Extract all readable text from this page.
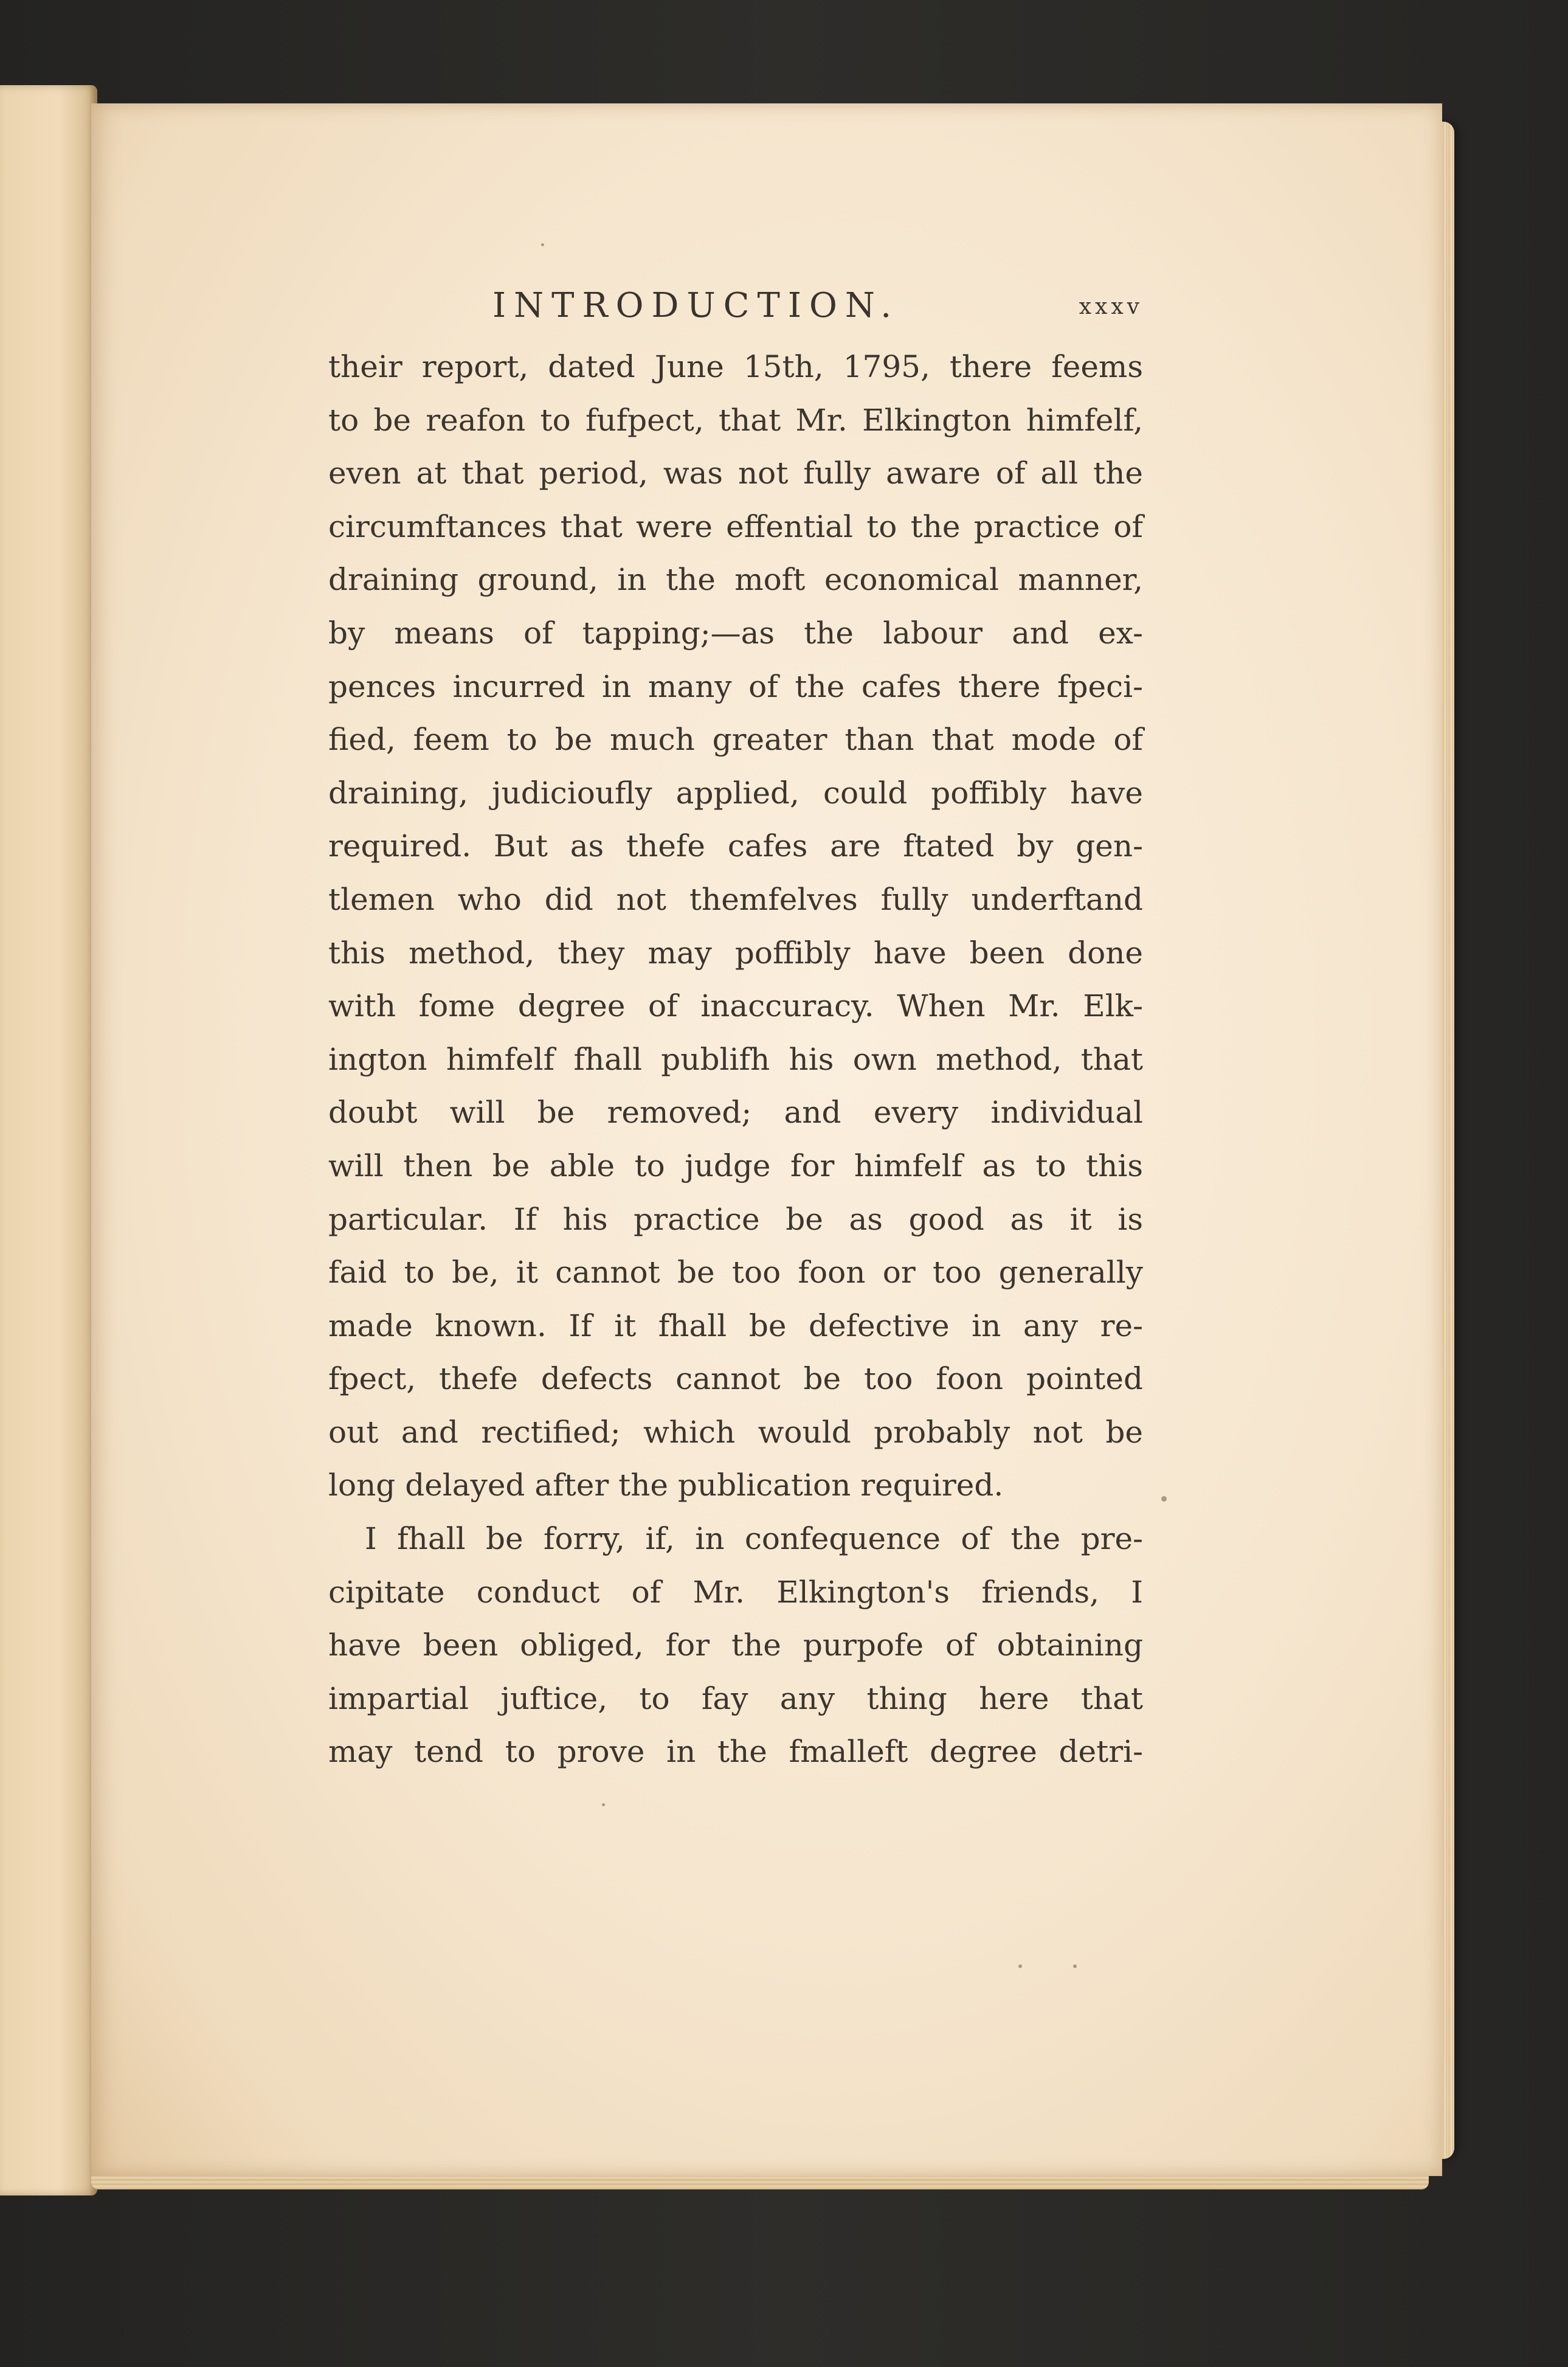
INTRODUCTION.	xxxv
their report, dated June 15th, 1795, there feems
to be reafon to fufpect, that Mr. Elkington himfelf,
even at that period, was not fully aware of all the
circumftances that were effential to the practice of
draining ground, in the moft economical manner,
by means of tapping;—as the labour and ex-
pences incurred in many of the cafes there fpeci-
fied, feem to be much greater than that mode of
draining, judicioufly applied, could poffibly have
required. But as thefe cafes are ftated by gen-
tlemen who did not themfelves fully underftand
this method, they may poffibly have been done
with fome degree of inaccuracy. When Mr. Elk-
ington himfelf fhall publifh his own method, that
doubt will be removed; and every individual
will then be able to judge for himfelf as to this
particular. If his practice be as good as it is
faid to be, it cannot be too foon or too generally
made known. If it fhall be defective in any re-
fpect, thefe defects cannot be too foon pointed
out and rectified; which would probably not be
long delayed after the publication required.
I fhall be forry, if, in confequence of the pre-
cipitate conduct of Mr. Elkington's friends, I
have been obliged, for the purpofe of obtaining
impartial juftice, to fay any thing here that
may tend to prove in the fmalleft degree detri-
